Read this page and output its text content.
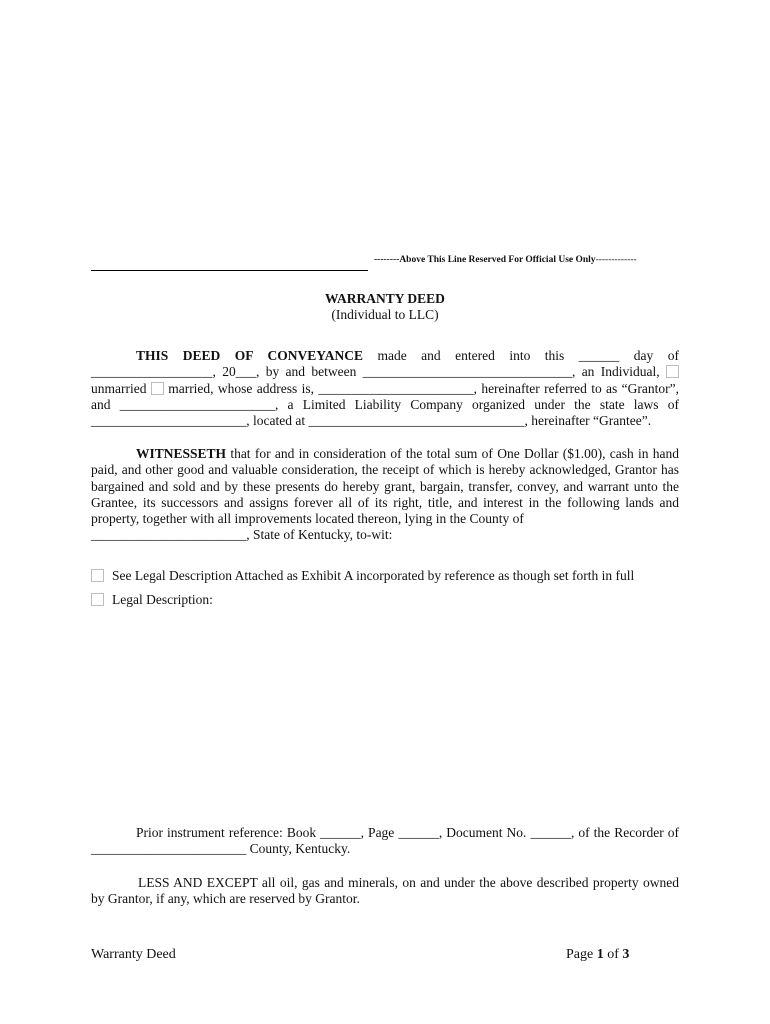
--------Above This Line Reserved For Official Use Only-------------
WARRANTY DEED
(Individual to LLC)
THIS DEED OF CONVEYANCE made and entered into this ______ day of
__________________, 20___, by and between _______________________________, an Individual,
unmarried  married, whose address is, _______________________, hereinafter referred to as “Grantor”,
and _______________________, a Limited Liability Company organized under the state laws of
_______________________, located at ________________________________, hereinafter “Grantee”.
WITNESSETH that for and in consideration of the total sum of One Dollar ($1.00), cash in hand paid, and other good and valuable consideration, the receipt of which is hereby acknowledged, Grantor has bargained and sold and by these presents do hereby grant, bargain, transfer, convey, and warrant unto the Grantee, its successors and assigns forever all of its right, title, and interest in the following lands and property, together with all improvements located thereon, lying in the County of
_______________________, State of Kentucky, to-wit:
See Legal Description Attached as Exhibit A incorporated by reference as though set forth in full
Legal Description:
Prior instrument reference: Book ______, Page ______, Document No. ______, of the Recorder of
_______________________ County, Kentucky.
LESS AND EXCEPT all oil, gas and minerals, on and under the above described property owned
by Grantor, if any, which are reserved by Grantor.
Warranty Deed	Page 1 of 3
